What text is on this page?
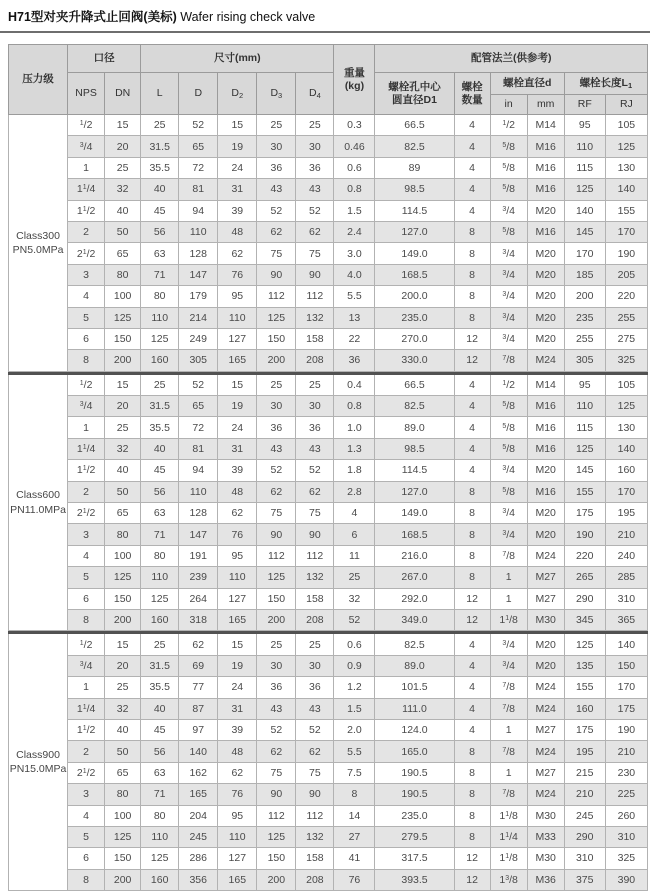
H71型对夹升降式止回阀(美标) Wafer rising check valve
压力级	口径		尺寸(mm)					重量
(kg)	配管法兰(供参考)					
	NPS	DN	L	D	$D_2$	$D_3$	$D_4$		螺栓孔中心
圆直径D1	螺栓
数量	螺栓直径d		螺栓长度$L_1$
											in	mm	RF	RJ

Class300
PN5.0MPa	$^1$/2	15	25	52	15	25	25	0.3	66.5	4	$^1$/2	M14	95	105
	$^3$/4	20	31.5	65	19	30	30	0.46	82.5	4	$^5$/8	M16	110	125
	1	25	35.5	72	24	36	36	0.6	89	4	$^5$/8	M16	115	130
	$1^1/4$	32	40	81	31	43	43	0.8	98.5	4	$^5$/8	M16	125	140
	$1^1/2$	40	45	94	39	52	52	1.5	114.5	4	$^3$/4	M20	140	155
	2	50	56	110	48	62	62	2.4	127.0	8	$^5$/8	M16	145	170
	$2^1/2$	65	63	128	62	75	75	3.0	149.0	8	$^3$/4	M20	170	190
	3	80	71	147	76	90	90	4.0	168.5	8	$^3$/4	M20	185	205
	4	100	80	179	95	112	112	5.5	200.0	8	$^3$/4	M20	200	220
	5	125	110	214	110	125	132	13	235.0	8	$^3$/4	M20	235	255
	6	150	125	249	127	150	158	22	270.0	12	$^3$/4	M20	255	275
	8	200	160	305	165	200	208	36	330.0	12	$^7$/8	M24	305	325

Class600
PN11.0MPa	$^1$/2	15	25	52	15	25	25	0.4	66.5	4	$^1$/2	M14	95	105
	$^3$/4	20	31.5	65	19	30	30	0.8	82.5	4	$^5$/8	M16	110	125
	1	25	35.5	72	24	36	36	1.0	89.0	4	$^5$/8	M16	115	130
	$1^1/4$	32	40	81	31	43	43	1.3	98.5	4	$^5$/8	M16	125	140
	$1^1/2$	40	45	94	39	52	52	1.8	114.5	4	$^3$/4	M20	145	160
	2	50	56	110	48	62	62	2.8	127.0	8	$^5$/8	M16	155	170
	$2^1/2$	65	63	128	62	75	75	4	149.0	8	$^3$/4	M20	175	195
	3	80	71	147	76	90	90	6	168.5	8	$^3$/4	M20	190	210
	4	100	80	191	95	112	112	11	216.0	8	$^7$/8	M24	220	240
	5	125	110	239	110	125	132	25	267.0	8	1	M27	265	285
	6	150	125	264	127	150	158	32	292.0	12	1	M27	290	310
	8	200	160	318	165	200	208	52	349.0	12	$1^1/8$	M30	345	365

Class900
PN15.0MPa	$^1$/2	15	25	62	15	25	25	0.6	82.5	4	$^3$/4	M20	125	140
	$^3$/4	20	31.5	69	19	30	30	0.9	89.0	4	$^3$/4	M20	135	150
	1	25	35.5	77	24	36	36	1.2	101.5	4	$^7$/8	M24	155	170
	$1^1/4$	32	40	87	31	43	43	1.5	111.0	4	$^7$/8	M24	160	175
	$1^1/2$	40	45	97	39	52	52	2.0	124.0	4	1	M27	175	190
	2	50	56	140	48	62	62	5.5	165.0	8	$^7$/8	M24	195	210
	$2^1/2$	65	63	162	62	75	75	7.5	190.5	8	1	M27	215	230
	3	80	71	165	76	90	90	8	190.5	8	$^7$/8	M24	210	225
	4	100	80	204	95	112	112	14	235.0	8	$1^1/8$	M30	245	260
	5	125	110	245	110	125	132	27	279.5	8	$1^1/4$	M33	290	310
	6	150	125	286	127	150	158	41	317.5	12	$1^1/8$	M30	310	325
	8	200	160	356	165	200	208	76	393.5	12	$1^3/8$	M36	375	390
